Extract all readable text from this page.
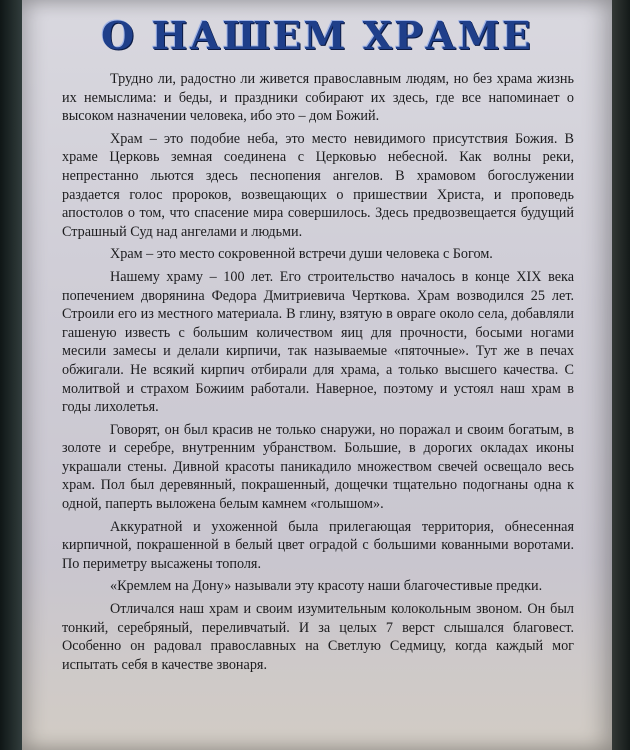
О НАШЕМ ХРАМЕ

Трудно ли, радостно ли живется православным людям, но без храма жизнь их немыслима: и беды, и праздники собирают их здесь, где все напоминает о высоком назначении человека, ибо это – дом Божий.

Храм – это подобие неба, это место невидимого присутствия Божия. В храме Церковь земная соединена с Церковью небесной. Как волны реки, непрестанно льются здесь песнопения ангелов. В храмовом богослужении раздается голос пророков, возвещающих о пришествии Христа, и проповедь апостолов о том, что спасение мира совершилось. Здесь предвозвещается будущий Страшный Суд над ангелами и людьми.

Храм – это место сокровенной встречи души человека с Богом.

Нашему храму – 100 лет. Его строительство началось в конце XIX века попечением дворянина Федора Дмитриевича Черткова. Храм возводился 25 лет. Строили его из местного материала. В глину, взятую в овраге около села, добавляли гашеную известь с большим количеством яиц для прочности, босыми ногами месили замесы и делали кирпичи, так называемые «пяточные». Тут же в печах обжигали. Не всякий кирпич отбирали для храма, а только высшего качества. С молитвой и страхом Божиим работали. Наверное, поэтому и устоял наш храм в годы лихолетья.

Говорят, он был красив не только снаружи, но поражал и своим богатым, в золоте и серебре, внутренним убранством. Большие, в дорогих окладах иконы украшали стены. Дивной красоты паникадило множеством свечей освещало весь храм. Пол был деревянный, покрашенный, дощечки тщательно подогнаны одна к одной, паперть выложена белым камнем «голышом».

Аккуратной и ухоженной была прилегающая территория, обнесенная кирпичной, покрашенной в белый цвет оградой с большими кованными воротами. По периметру высажены тополя.

«Кремлем на Дону» называли эту красоту наши благочестивые предки.

Отличался наш храм и своим изумительным колокольным звоном. Он был тонкий, серебряный, переливчатый. И за целых 7 верст слышался благовест. Особенно он радовал православных на Светлую Седмицу, когда каждый мог испытать себя в качестве звонаря.
